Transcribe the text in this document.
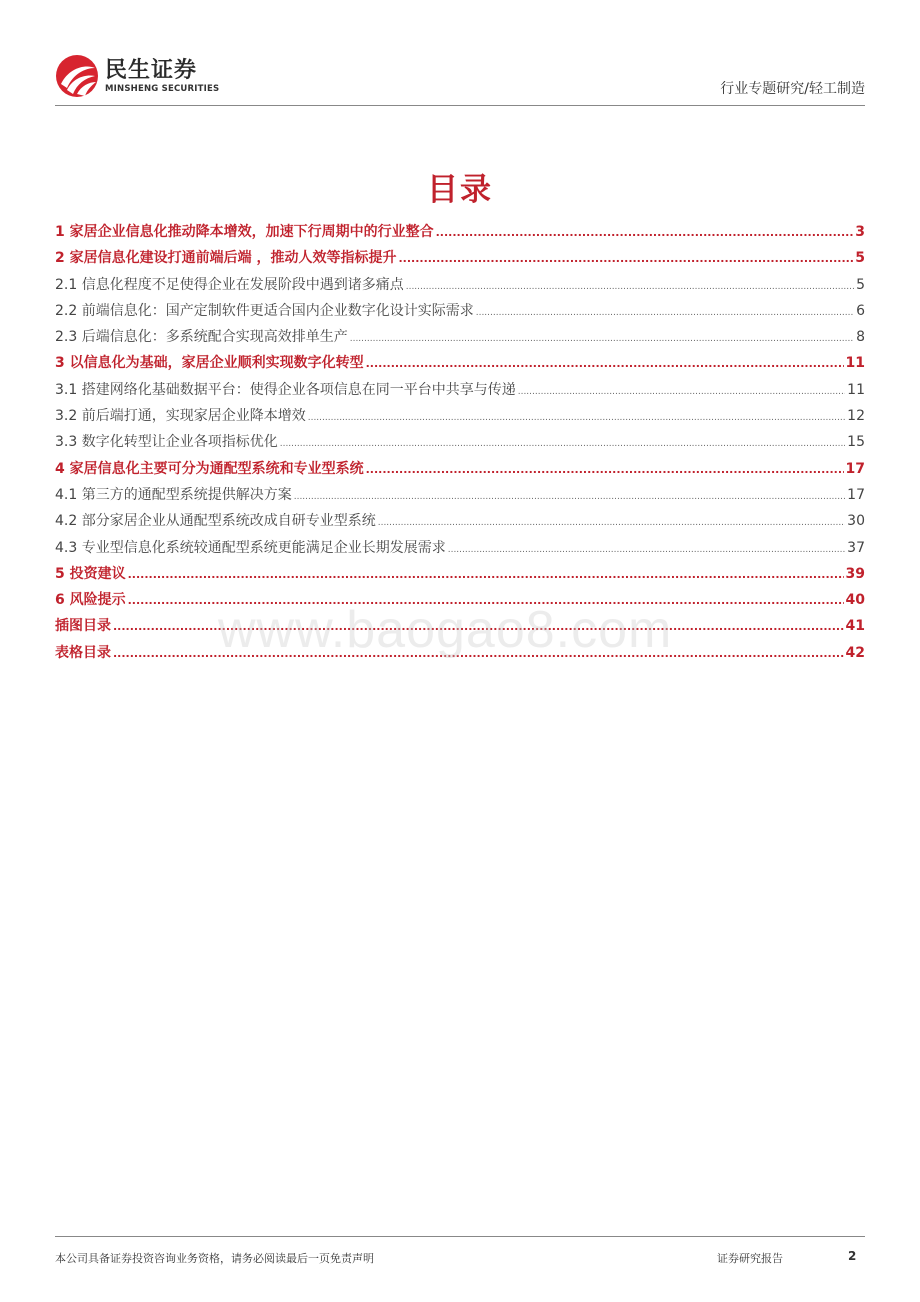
民生证券
MINSHENG SECURITIES	行业专题研究/轻工制造
目录
1 家居企业信息化推动降本增效，加速下行周期中的行业整合 .....	3
2 家居信息化建设打通前端后端 ，推动人效等指标提升 .....	5
2.1 信息化程度不足使得企业在发展阶段中遇到诸多痛点 .....	5
2.2 前端信息化：国产定制软件更适合国内企业数字化设计实际需求 .....	6
2.3 后端信息化：多系统配合实现高效排单生产 .....	8
3 以信息化为基础，家居企业顺利实现数字化转型 .....	11
3.1 搭建网络化基础数据平台：使得企业各项信息在同一平台中共享与传递 .....	11
3.2 前后端打通，实现家居企业降本增效 .....	12
3.3 数字化转型让企业各项指标优化 .....	15
4 家居信息化主要可分为通配型系统和专业型系统 .....	17
4.1 第三方的通配型系统提供解决方案 .....	17
4.2 部分家居企业从通配型系统改成自研专业型系统 .....	30
4.3 专业型信息化系统较通配型系统更能满足企业长期发展需求 .....	37
5 投资建议 .....	39
6 风险提示 .....	40
插图目录 .....	41
表格目录 .....	42
www.baogao8.com
本公司具备证券投资咨询业务资格，请务必阅读最后一页免责声明	证券研究报告	2
